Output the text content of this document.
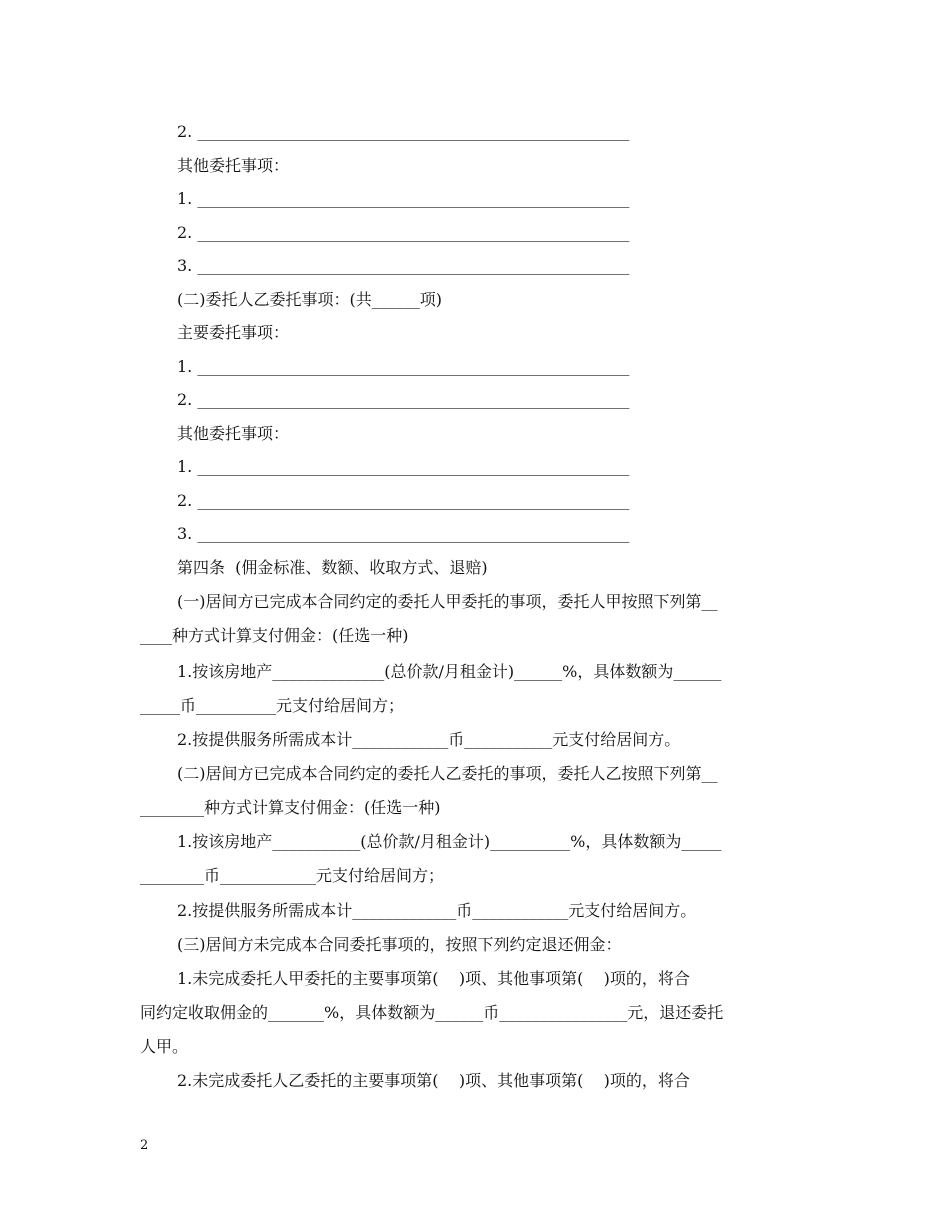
2. ______________________________________________________
其他委托事项：
1. ______________________________________________________
2. ______________________________________________________
3. ______________________________________________________
(二)委托人乙委托事项：(共______项)
主要委托事项：
1. ______________________________________________________
2. ______________________________________________________
其他委托事项：
1. ______________________________________________________
2. ______________________________________________________
3. ______________________________________________________
第四条  (佣金标准、数额、收取方式、退赔)
(一)居间方已完成本合同约定的委托人甲委托的事项，委托人甲按照下列第__
____种方式计算支付佣金：(任选一种)
1.按该房地产______________(总价款/月租金计)______%，具体数额为______
_____币__________元支付给居间方；
2.按提供服务所需成本计____________币___________元支付给居间方。
(二)居间方已完成本合同约定的委托人乙委托的事项，委托人乙按照下列第__
________种方式计算支付佣金：(任选一种)
1.按该房地产___________(总价款/月租金计)__________%，具体数额为_____
________币____________元支付给居间方；
2.按提供服务所需成本计_____________币____________元支付给居间方。
(三)居间方未完成本合同委托事项的，按照下列约定退还佣金：
1.未完成委托人甲委托的主要事项第(    )项、其他事项第(    )项的，将合
同约定收取佣金的_______%，具体数额为______币________________元，退还委托
人甲。
2.未完成委托人乙委托的主要事项第(    )项、其他事项第(    )项的，将合
2
